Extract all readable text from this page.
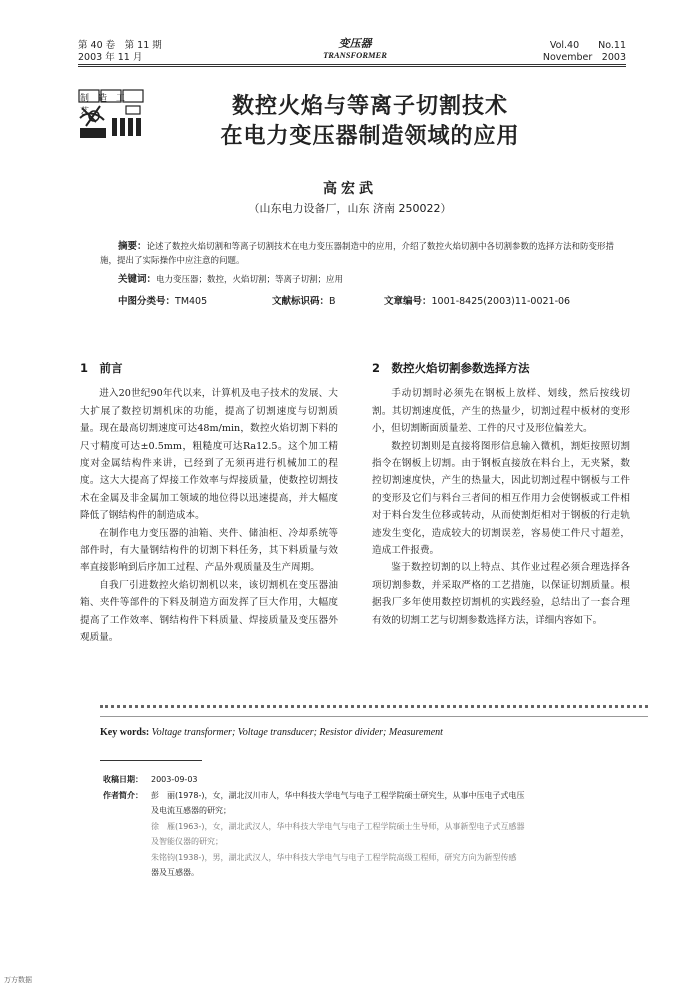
第 40 卷　第 11 期
2003 年 11 月
变压器
TRANSFORMER
Vol.40　　No.11
November　2003
制造工艺	数控火焰与等离子切割技术
在电力变压器制造领域的应用
高宏武
（山东电力设备厂，山东 济南 250022）
摘要：论述了数控火焰切割和等离子切割技术在电力变压器制造中的应用，介绍了数控火焰切割中各切割参数的选择方法和防变形措施，提出了实际操作中应注意的问题。
关键词：电力变压器；数控，火焰切割；等离子切割；应用
中图分类号：TM405	文献标识码：B	文章编号：1001-8425(2003)11-0021-06
1　前言

进入20世纪90年代以来，计算机及电子技术的发展、大大扩展了数控切割机床的功能，提高了切割速度与切割质量。现在最高切割速度可达48m/min，数控火焰切割下料的尺寸精度可达±0.5mm，粗糙度可达Ra12.5。这个加工精度对金属结构件来讲，已经到了无须再进行机械加工的程度。这大大提高了焊接工作效率与焊接质量，使数控切割技术在金属及非金属加工领域的地位得以迅速提高，并大幅度降低了钢结构件的制造成本。

在制作电力变压器的油箱、夹件、储油柜、冷却系统等部件时，有大量钢结构件的切割下料任务，其下料质量与效率直接影响到后序加工过程、产品外观质量及生产周期。

自我厂引进数控火焰切割机以来，该切割机在变压器油箱、夹件等部件的下料及制造方面发挥了巨大作用，大幅度提高了工作效率、钢结构件下料质量、焊接质量及变压器外观质量。

2　数控火焰切割参数选择方法

手动切割时必须先在钢板上放样、划线，然后按线切割。其切割速度低，产生的热量少，切割过程中板材的变形小，但切割断面质量差、工件的尺寸及形位偏差大。

数控切割则是直接将图形信息输入微机，割炬按照切割指令在钢板上切割。由于钢板直接放在料台上，无夹紧，数控切割速度快，产生的热量大，因此切割过程中钢板与工件的变形及它们与料台三者间的相互作用力会使钢板或工件相对于料台发生位移或转动，从而使割炬相对于钢板的行走轨迹发生变化，造成较大的切割误差，容易使工件尺寸超差，造成工件报费。

鉴于数控切割的以上特点、其作业过程必须合理选择各项切割参数，并采取严格的工艺措施，以保证切割质量。根据我厂多年使用数控切割机的实践经验，总结出了一套合理有效的切割工艺与切割参数选择方法，详细内容如下。

Key words: Voltage transformer; Voltage transducer; Resistor divider; Measurement
收稿日期：	2003-09-03
作者简介：	彭　丽(1978-)，女，湖北汉川市人，华中科技大学电气与电子工程学院硕士研究生，从事中压电子式电压
及电流互感器的研究；
徐　雁(1963-)，女，湖北武汉人，华中科技大学电气与电子工程学院硕士生导师，从事新型电子式互感器
及智能仪器的研究；
朱铭钧(1938-)，男，湖北武汉人，华中科技大学电气与电子工程学院高级工程师，研究方向为新型传感
器及互感器。
万方数据
